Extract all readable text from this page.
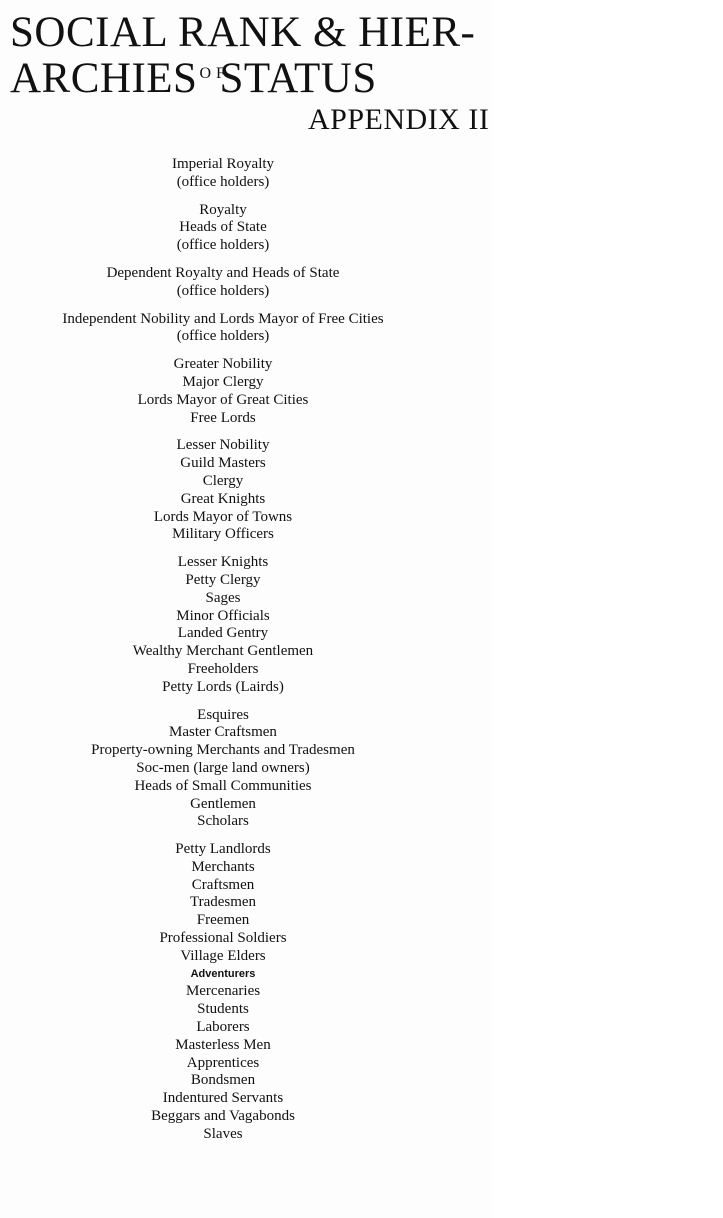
SOCIAL RANK & HIER-
ARCHIES O FSTATUS
APPENDIX II
Imperial Royalty
(office holders)
Royalty
Heads of State
(office holders)
Dependent Royalty and Heads of State
(office holders)
Independent Nobility and Lords Mayor of Free Cities
(office holders)
Greater Nobility
Major Clergy
Lords Mayor of Great Cities
Free Lords
Lesser Nobility
Guild Masters
Clergy
Great Knights
Lords Mayor of Towns
Military Officers
Lesser Knights
Petty Clergy
Sages
Minor Officials
Landed Gentry
Wealthy Merchant Gentlemen
Freeholders
Petty Lords (Lairds)
Esquires
Master Craftsmen
Property-owning Merchants and Tradesmen
Soc-men (large land owners)
Heads of Small Communities
Gentlemen
Scholars
Petty Landlords
Merchants
Craftsmen
Tradesmen
Freemen
Professional Soldiers
Village Elders
Adventurers
Mercenaries
Students
Laborers
Masterless Men
Apprentices
Bondsmen
Indentured Servants
Beggars and Vagabonds
Slaves
